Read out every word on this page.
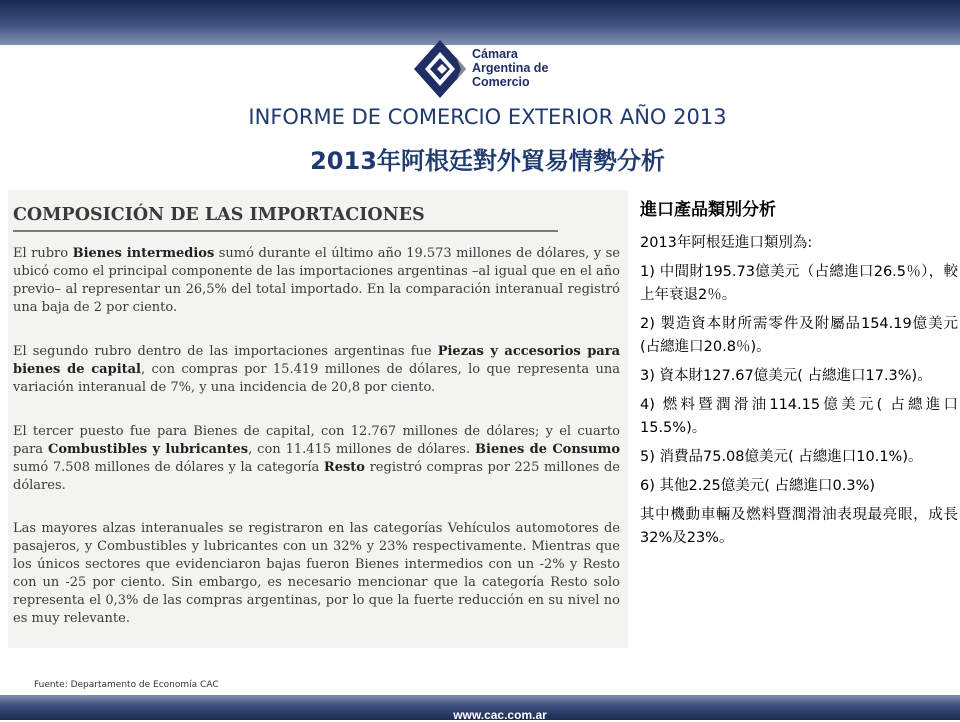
Cámara
Argentina de
Comercio
INFORME DE COMERCIO EXTERIOR AÑO 2013
2013年阿根廷對外貿易情勢分析
COMPOSICIÓN DE LAS IMPORTACIONES

El rubro Bienes intermedios sumó durante el último año 19.573 millones de dólares, y se ubicó como el principal componente de las importaciones argentinas –al igual que en el año previo– al representar un 26,5% del total importado. En la comparación interanual registró una baja de 2 por ciento.

El segundo rubro dentro de las importaciones argentinas fue Piezas y accesorios para bienes de capital, con compras por 15.419 millones de dólares, lo que representa una variación interanual de 7%, y una incidencia de 20,8 por ciento.

El tercer puesto fue para Bienes de capital, con 12.767 millones de dólares; y el cuarto para Combustibles y lubricantes, con 11.415 millones de dólares. Bienes de Consumo sumó 7.508 millones de dólares y la categoría Resto registró compras por 225 millones de dólares.

Las mayores alzas interanuales se registraron en las categorías Vehículos automotores de pasajeros, y Combustibles y lubricantes con un 32% y 23% respectivamente. Mientras que los únicos sectores que evidenciaron bajas fueron Bienes intermedios con un -2% y Resto con un -25 por ciento. Sin embargo, es necesario mencionar que la categoría Resto solo representa el 0,3% de las compras argentinas, por lo que la fuerte reducción en su nivel no es muy relevante.

Fuente: Departamento de Economía CAC
進口產品類別分析

2013年阿根廷進口類別為:

1) 中間財195.73億美元（占總進口26.5％），較上年衰退2％。

2) 製造資本財所需零件及附屬品154.19億美元(占總進口20.8％)。

3) 資本財127.67億美元( 占總進口17.3%)。

4) 燃料暨潤滑油114.15億美元( 占總進口15.5%)。

5) 消費品75.08億美元( 占總進口10.1%)。

6) 其他2.25億美元( 占總進口0.3%)

其中機動車輛及燃料暨潤滑油表現最亮眼，成長32%及23%。

www.cac.com.ar
